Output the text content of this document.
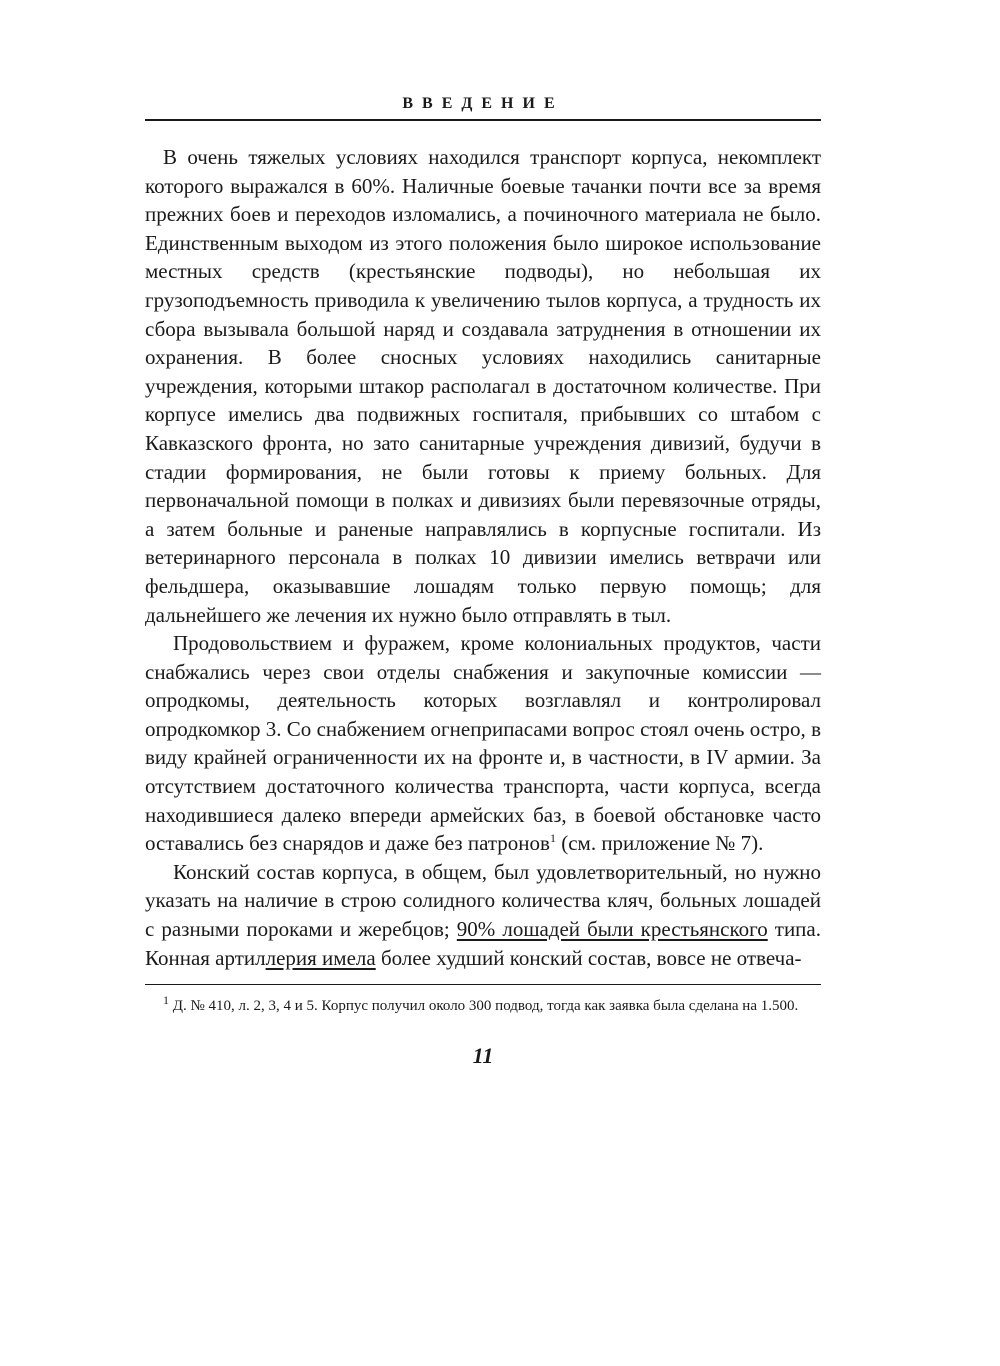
ВВЕДЕНИЕ

В очень тяжелых условиях находился транспорт корпуса, некомплект которого выражался в 60%. Наличные боевые тачанки почти все за время прежних боев и переходов изломались, а починочного материала не было. Единственным выходом из этого положения было широкое использование местных средств (крестьянские подводы), но небольшая их грузоподъемность приводила к увеличению тылов корпуса, а трудность их сбора вызывала большой наряд и создавала затруднения в отношении их охранения. В более сносных условиях находились санитарные учреждения, которыми штакор располагал в достаточном количестве. При корпусе имелись два подвижных госпиталя, прибывших со штабом с Кавказского фронта, но зато санитарные учреждения дивизий, будучи в стадии формирования, не были готовы к приему больных. Для первоначальной помощи в полках и дивизиях были перевязочные отряды, а затем больные и раненые направлялись в корпусные госпитали. Из ветеринарного персонала в полках 10 дивизии имелись ветврачи или фельдшера, оказывавшие лошадям только первую помощь; для дальнейшего же лечения их нужно было отправлять в тыл.

Продовольствием и фуражем, кроме колониальных продуктов, части снабжались через свои отделы снабжения и закупочные комиссии — опродкомы, деятельность которых возглавлял и контролировал опродкомкор 3. Со снабжением огнеприпасами вопрос стоял очень остро, в виду крайней ограниченности их на фронте и, в частности, в IV армии. За отсутствием достаточного количества транспорта, части корпуса, всегда находившиеся далеко впереди армейских баз, в боевой обстановке часто оставались без снарядов и даже без патронов$^1$ (см. приложение № 7).

Конский состав корпуса, в общем, был удовлетворительный, но нужно указать на наличие в строю солидного количества кляч, больных лошадей с разными пороками и жеребцов; 90% лошадей были крестьянского типа. Конная артиллерия имела более худший конский состав, вовсе не отвеча-

$^1$ Д. № 410, л. 2, 3, 4 и 5. Корпус получил около 300 подвод, тогда как заявка была сделана на 1.500.

11
